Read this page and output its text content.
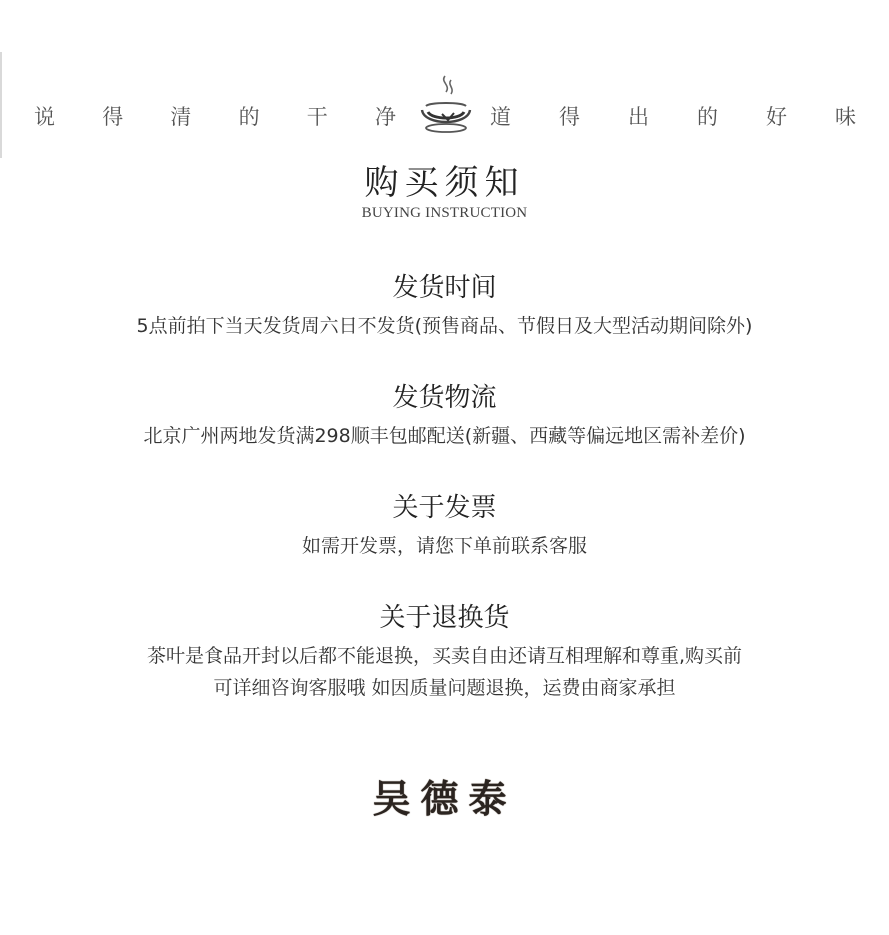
说 得 清 的 干 净	道 得 出 的 好 味
购买须知
BUYING INSTRUCTION
发货时间

5点前拍下当天发货周六日不发货(预售商品、节假日及大型活动期间除外)

发货物流

北京广州两地发货满298顺丰包邮配送(新疆、西藏等偏远地区需补差价)

关于发票

如需开发票，请您下单前联系客服

关于退换货

茶叶是食品开封以后都不能退换，买卖自由还请互相理解和尊重,购买前

可详细咨询客服哦 如因质量问题退换，运费由商家承担

吴德泰
